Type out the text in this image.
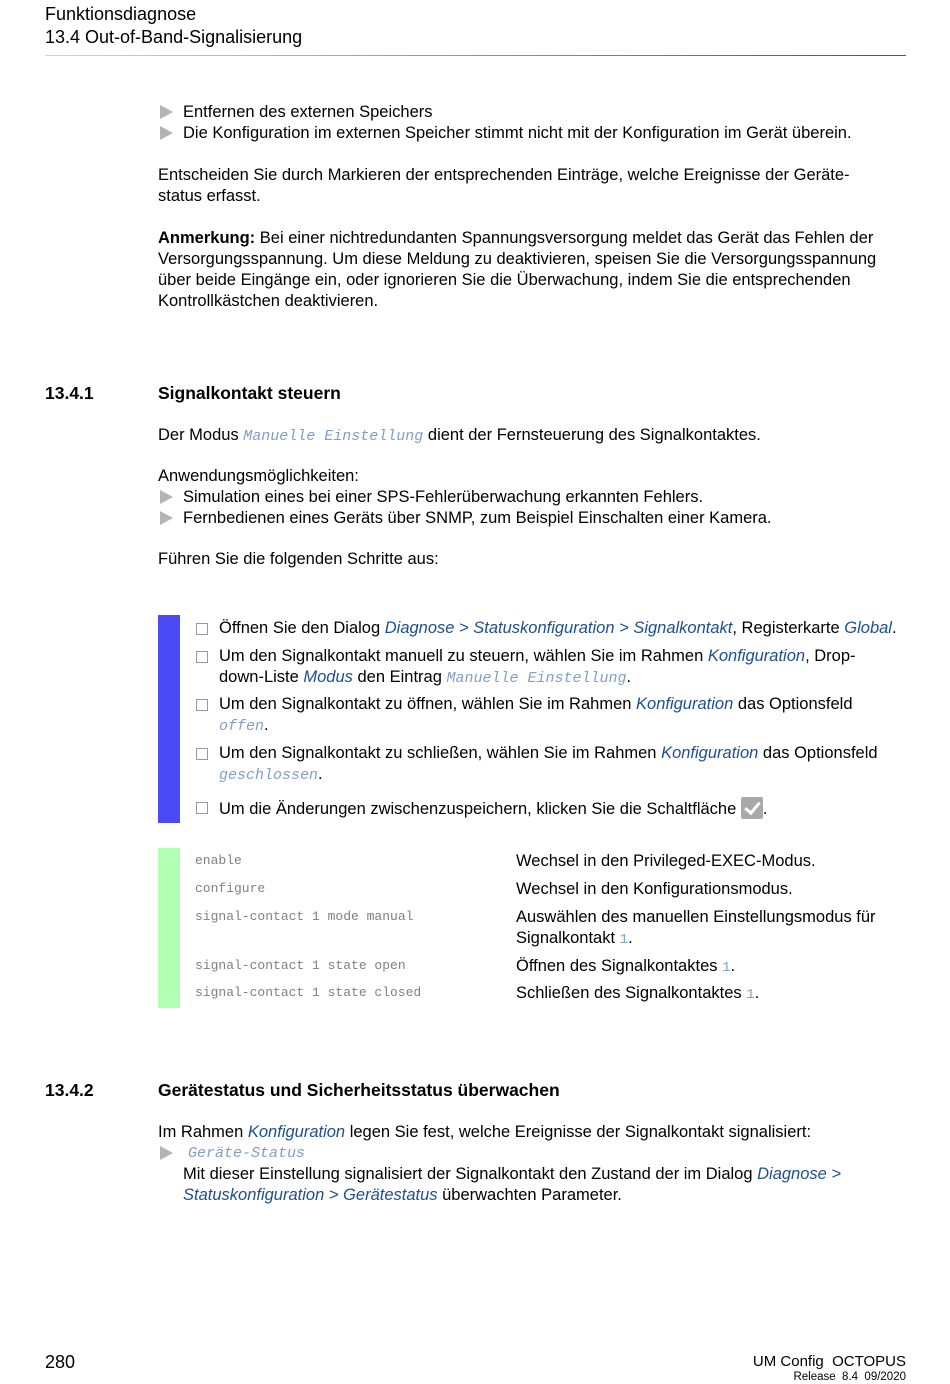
Funktionsdiagnose
13.4 Out-of-Band-Signalisierung
Entfernen des externen Speichers
Die Konfiguration im externen Speicher stimmt nicht mit der Konfiguration im Gerät überein.
Entscheiden Sie durch Markieren der entsprechenden Einträge, welche Ereignisse der Geräte-
status erfasst.
Anmerkung: Bei einer nichtredundanten Spannungsversorgung meldet das Gerät das Fehlen der
Versorgungsspannung. Um diese Meldung zu deaktivieren, speisen Sie die Versorgungsspannung
über beide Eingänge ein, oder ignorieren Sie die Überwachung, indem Sie die entsprechenden
Kontrollkästchen deaktivieren.
13.4.1	Signalkontakt steuern
Der Modus Manuelle Einstellung dient der Fernsteuerung des Signalkontaktes.
Anwendungsmöglichkeiten:
Simulation eines bei einer SPS-Fehlerüberwachung erkannten Fehlers.
Fernbedienen eines Geräts über SNMP, zum Beispiel Einschalten einer Kamera.
Führen Sie die folgenden Schritte aus:
Öffnen Sie den Dialog Diagnose > Statuskonfiguration > Signalkontakt, Registerkarte Global.
Um den Signalkontakt manuell zu steuern, wählen Sie im Rahmen Konfiguration, Drop-
down-Liste Modus den Eintrag Manuelle Einstellung.
Um den Signalkontakt zu öffnen, wählen Sie im Rahmen Konfiguration das Optionsfeld
offen.
Um den Signalkontakt zu schließen, wählen Sie im Rahmen Konfiguration das Optionsfeld
geschlossen.
Um die Änderungen zwischenzuspeichern, klicken Sie die Schaltfläche .
enable	Wechsel in den Privileged-EXEC-Modus.
configure	Wechsel in den Konfigurationsmodus.
signal-contact 1 mode manual	Auswählen des manuellen Einstellungsmodus für
Signalkontakt 1.
signal-contact 1 state open	Öffnen des Signalkontaktes 1.
signal-contact 1 state closed	Schließen des Signalkontaktes 1.
13.4.2	Gerätestatus und Sicherheitsstatus überwachen
Im Rahmen Konfiguration legen Sie fest, welche Ereignisse der Signalkontakt signalisiert:
Geräte-Status
Mit dieser Einstellung signalisiert der Signalkontakt den Zustand der im Dialog Diagnose >
Statuskonfiguration > Gerätestatus überwachten Parameter.
280	UM Config  OCTOPUS
Release  8.4  09/2020
